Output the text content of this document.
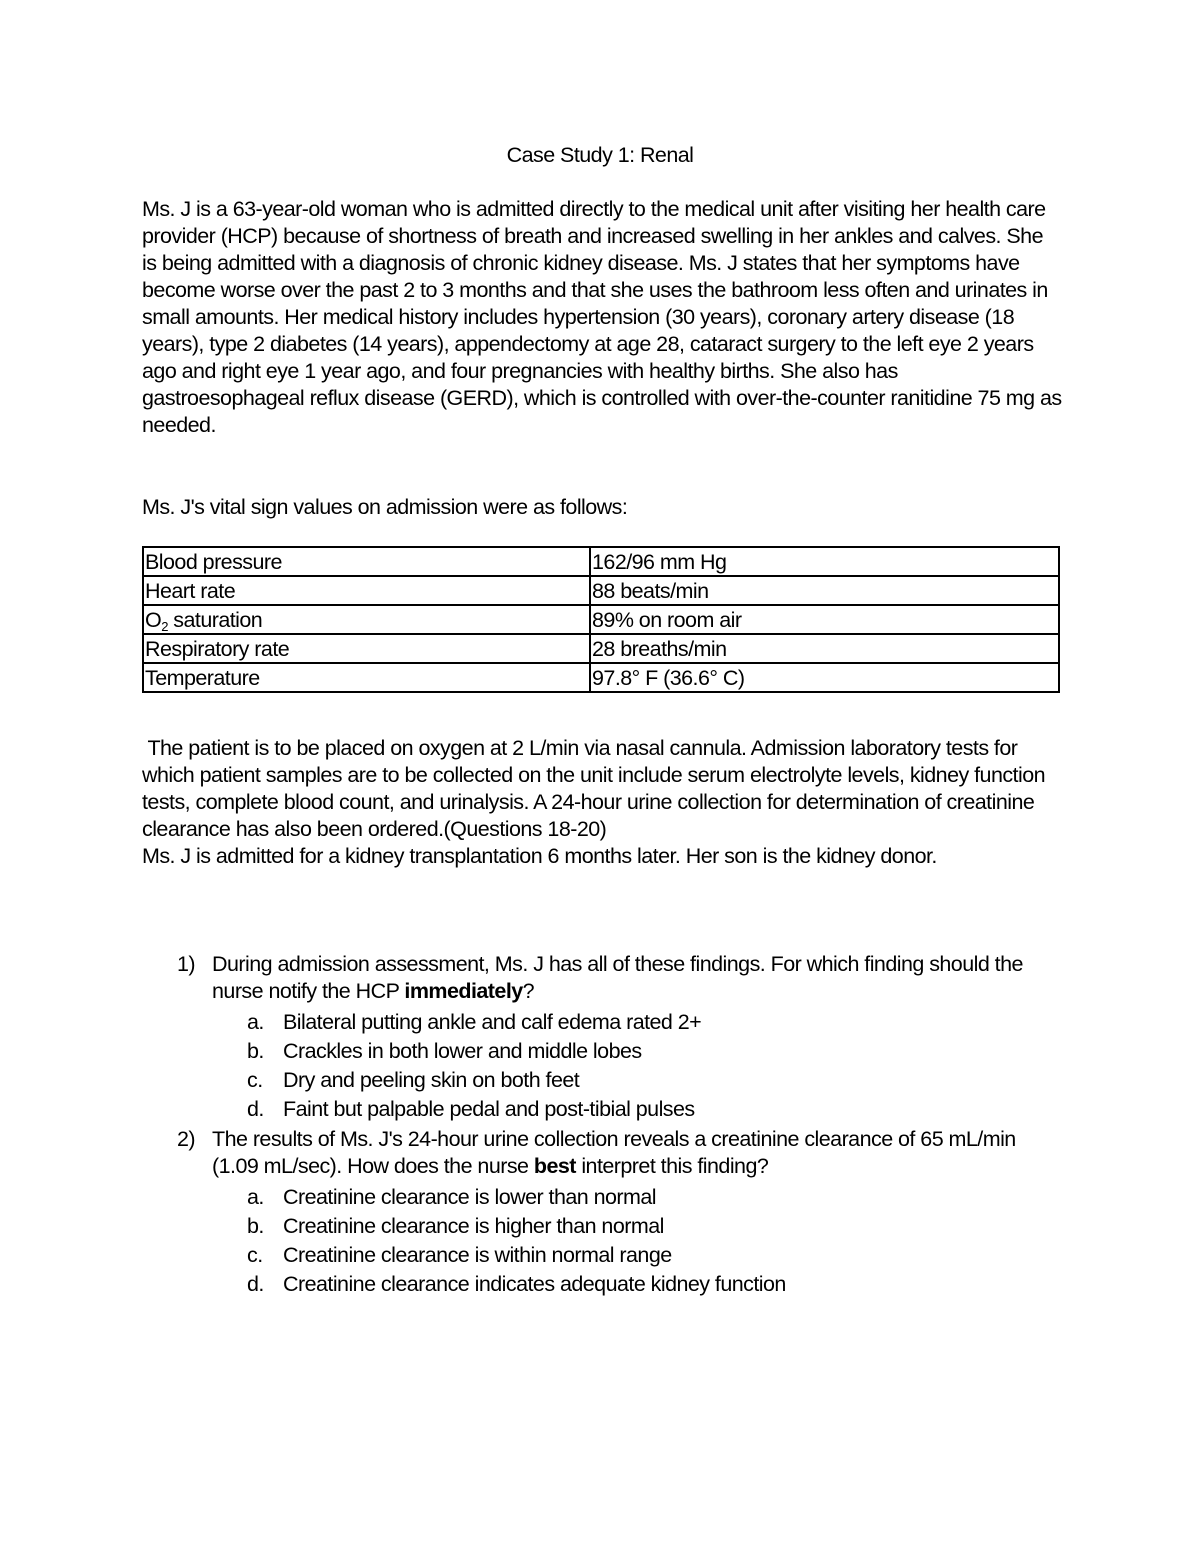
Case Study 1: Renal
Ms. J is a 63-year-old woman who is admitted directly to the medical unit after visiting her health care provider (HCP) because of shortness of breath and increased swelling in her ankles and calves. She is being admitted with a diagnosis of chronic kidney disease. Ms. J states that her symptoms have become worse over the past 2 to 3 months and that she uses the bathroom less often and urinates in small amounts. Her medical history includes hypertension (30 years), coronary artery disease (18 years), type 2 diabetes (14 years), appendectomy at age 28, cataract surgery to the left eye 2 years ago and right eye 1 year ago, and four pregnancies with healthy births. She also has gastroesophageal reflux disease (GERD), which is controlled with over-the-counter ranitidine 75 mg as needed.
Ms. J's vital sign values on admission were as follows:
Blood pressure	162/96 mm Hg
Heart rate	88 beats/min
$O_2$ saturation	89% on room air
Respiratory rate	28 breaths/min
Temperature	97.8° F (36.6° C)
The patient is to be placed on oxygen at 2 L/min via nasal cannula. Admission laboratory tests for which patient samples are to be collected on the unit include serum electrolyte levels, kidney function tests, complete blood count, and urinalysis. A 24-hour urine collection for determination of creatinine clearance has also been ordered.(Questions 18-20)
Ms. J is admitted for a kidney transplantation 6 months later. Her son is the kidney donor.
1) During admission assessment, Ms. J has all of these findings. For which finding should the nurse notify the HCP immediately?
a. Bilateral putting ankle and calf edema rated 2+
b. Crackles in both lower and middle lobes
c. Dry and peeling skin on both feet
d. Faint but palpable pedal and post-tibial pulses
2) The results of Ms. J's 24-hour urine collection reveals a creatinine clearance of 65 mL/min (1.09 mL/sec). How does the nurse best interpret this finding?
a. Creatinine clearance is lower than normal
b. Creatinine clearance is higher than normal
c. Creatinine clearance is within normal range
d. Creatinine clearance indicates adequate kidney function
